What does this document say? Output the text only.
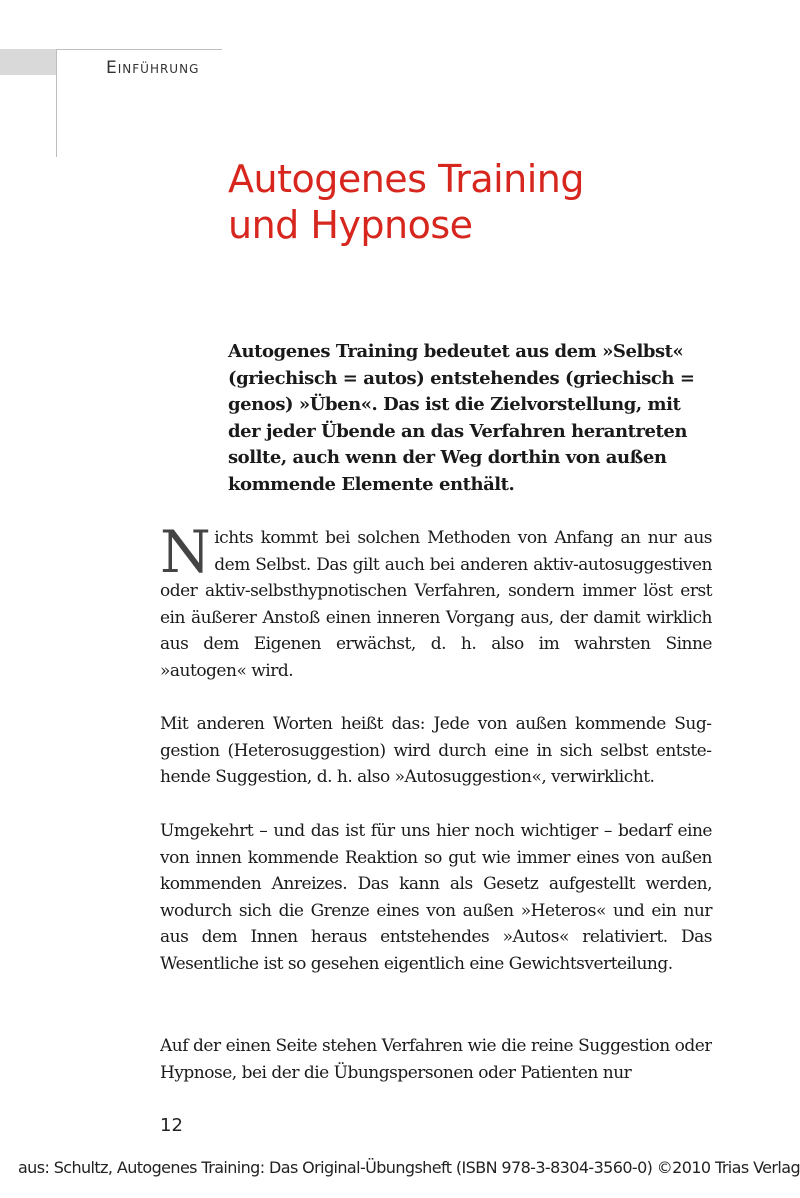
Einführung
Autogenes Training
und Hypnose

Autogenes Training bedeutet aus dem »Selbst« (griechisch = autos) entstehendes (griechisch = genos) »Üben«. Das ist die Zielvorstellung, mit der jeder Übende an das Verfahren herantreten sollte, auch wenn der Weg dorthin von außen kommende Elemente enthält.

Nichts kommt bei solchen Methoden von Anfang an nur aus dem Selbst. Das gilt auch bei anderen aktiv-autosuggestiven oder aktiv-selbsthypnotischen Verfahren, sondern immer löst erst ein äußerer Anstoß einen inneren Vorgang aus, der damit wirklich aus dem Eigenen erwächst, d. h. also im wahrsten Sinne »autogen« wird.

Mit anderen Worten heißt das: Jede von außen kommende Suggestion (Heterosuggestion) wird durch eine in sich selbst entstehende Suggestion, d. h. also »Autosuggestion«, verwirklicht.

Umgekehrt – und das ist für uns hier noch wichtiger – bedarf eine von innen kommende Reaktion so gut wie immer eines von außen kommenden Anreizes. Das kann als Gesetz aufgestellt werden, wodurch sich die Grenze eines von außen »Heteros« und ein nur aus dem Innen heraus entstehendes »Autos« relativiert. Das Wesentliche ist so gesehen eigentlich eine Gewichtsverteilung.

Auf der einen Seite stehen Verfahren wie die reine Suggestion oder Hypnose, bei der die Übungspersonen oder Patienten nur

12
aus: Schultz, Autogenes Training: Das Original-Übungsheft (ISBN 978-3-8304-3560-0) ©2010 Trias Verlag
